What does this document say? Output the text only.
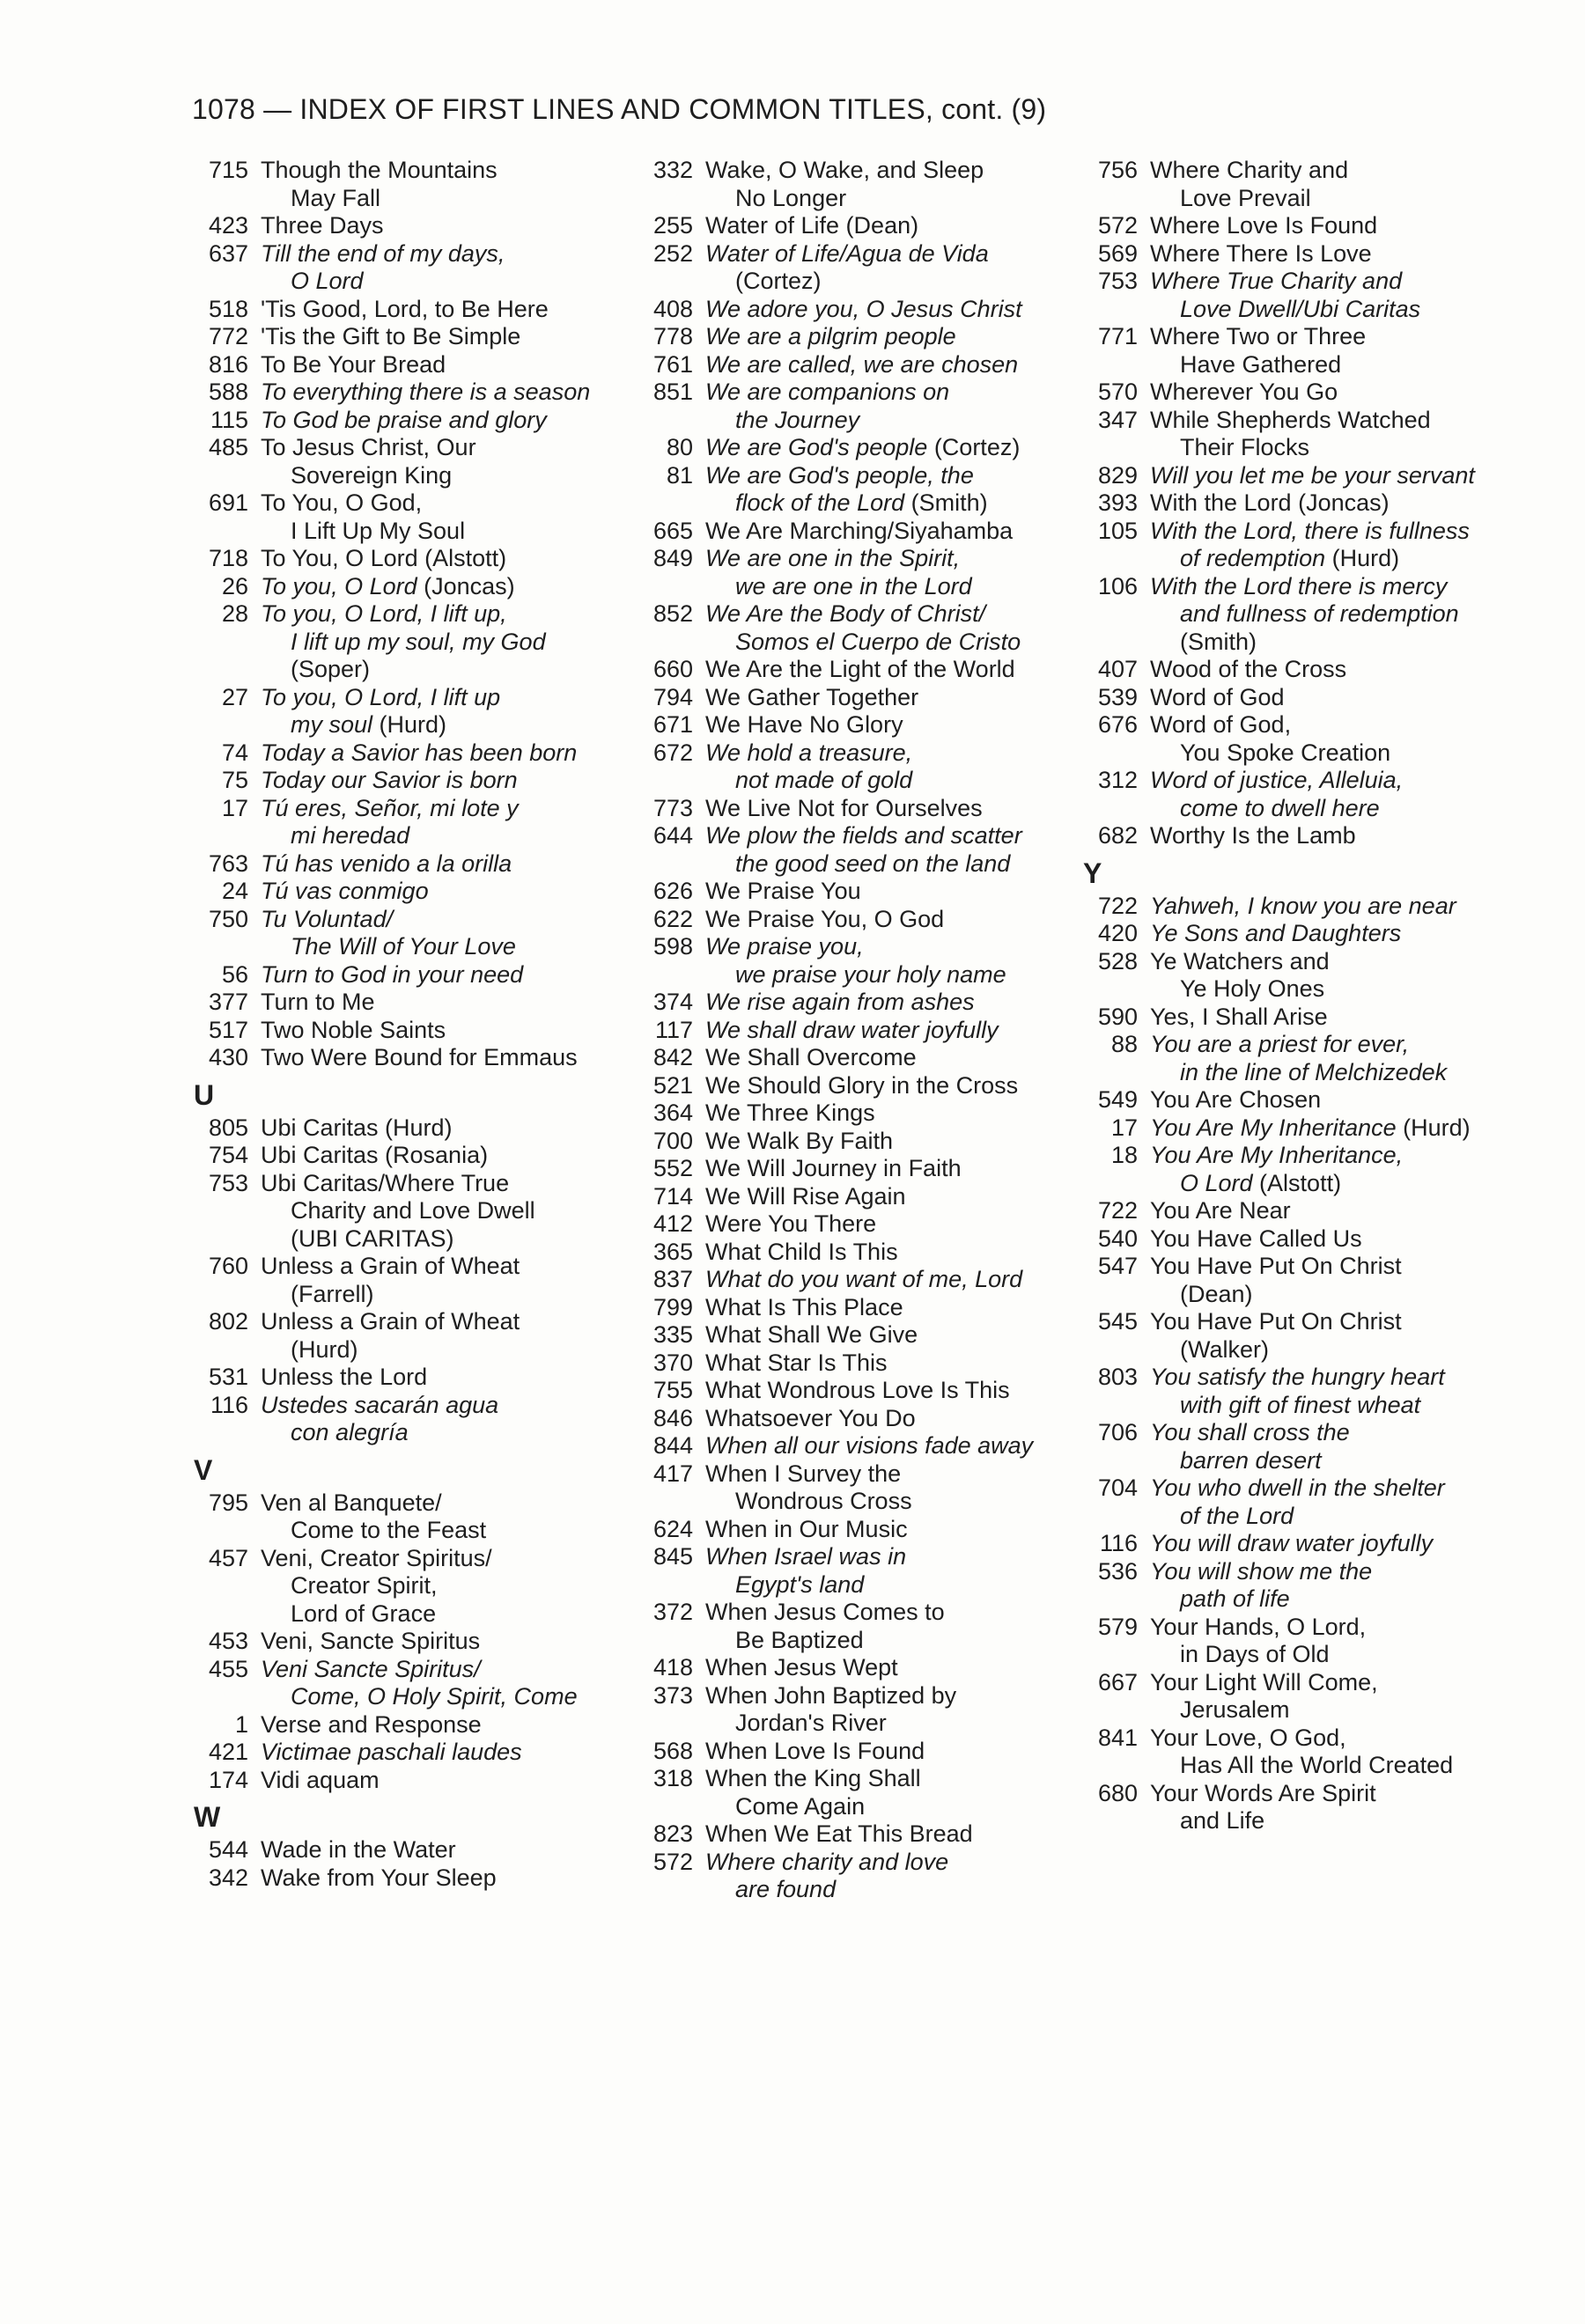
1078 — INDEX OF FIRST LINES AND COMMON TITLES, cont. (9)
715 Though the Mountains
May Fall
423 Three Days
637 Till the end of my days,
O Lord
518 'Tis Good, Lord, to Be Here
772 'Tis the Gift to Be Simple
816 To Be Your Bread
588 To everything there is a season
115 To God be praise and glory
485 To Jesus Christ, Our
Sovereign King
691 To You, O God,
I Lift Up My Soul
718 To You, O Lord (Alstott)
26 To you, O Lord (Joncas)
28 To you, O Lord, I lift up,
I lift up my soul, my God
(Soper)
27 To you, O Lord, I lift up
my soul (Hurd)
74 Today a Savior has been born
75 Today our Savior is born
17 Tú eres, Señor, mi lote y
mi heredad
763 Tú has venido a la orilla
24 Tú vas conmigo
750 Tu Voluntad/
The Will of Your Love
56 Turn to God in your need
377 Turn to Me
517 Two Noble Saints
430 Two Were Bound for Emmaus
U
805 Ubi Caritas (Hurd)
754 Ubi Caritas (Rosania)
753 Ubi Caritas/Where True
Charity and Love Dwell
(UBI CARITAS)
760 Unless a Grain of Wheat
(Farrell)
802 Unless a Grain of Wheat
(Hurd)
531 Unless the Lord
116 Ustedes sacarán agua
con alegría
V
795 Ven al Banquete/
Come to the Feast
457 Veni, Creator Spiritus/
Creator Spirit,
Lord of Grace
453 Veni, Sancte Spiritus
455 Veni Sancte Spiritus/
Come, O Holy Spirit, Come
1 Verse and Response
421 Victimae paschali laudes
174 Vidi aquam
W
544 Wade in the Water
342 Wake from Your Sleep
332 Wake, O Wake, and Sleep
No Longer
255 Water of Life (Dean)
252 Water of Life/Agua de Vida
(Cortez)
408 We adore you, O Jesus Christ
778 We are a pilgrim people
761 We are called, we are chosen
851 We are companions on
the Journey
80 We are God's people (Cortez)
81 We are God's people, the
flock of the Lord (Smith)
665 We Are Marching/Siyahamba
849 We are one in the Spirit,
we are one in the Lord
852 We Are the Body of Christ/
Somos el Cuerpo de Cristo
660 We Are the Light of the World
794 We Gather Together
671 We Have No Glory
672 We hold a treasure,
not made of gold
773 We Live Not for Ourselves
644 We plow the fields and scatter
the good seed on the land
626 We Praise You
622 We Praise You, O God
598 We praise you,
we praise your holy name
374 We rise again from ashes
117 We shall draw water joyfully
842 We Shall Overcome
521 We Should Glory in the Cross
364 We Three Kings
700 We Walk By Faith
552 We Will Journey in Faith
714 We Will Rise Again
412 Were You There
365 What Child Is This
837 What do you want of me, Lord
799 What Is This Place
335 What Shall We Give
370 What Star Is This
755 What Wondrous Love Is This
846 Whatsoever You Do
844 When all our visions fade away
417 When I Survey the
Wondrous Cross
624 When in Our Music
845 When Israel was in
Egypt's land
372 When Jesus Comes to
Be Baptized
418 When Jesus Wept
373 When John Baptized by
Jordan's River
568 When Love Is Found
318 When the King Shall
Come Again
823 When We Eat This Bread
572 Where charity and love
are found
756 Where Charity and
Love Prevail
572 Where Love Is Found
569 Where There Is Love
753 Where True Charity and
Love Dwell/Ubi Caritas
771 Where Two or Three
Have Gathered
570 Wherever You Go
347 While Shepherds Watched
Their Flocks
829 Will you let me be your servant
393 With the Lord (Joncas)
105 With the Lord, there is fullness
of redemption (Hurd)
106 With the Lord there is mercy
and fullness of redemption
(Smith)
407 Wood of the Cross
539 Word of God
676 Word of God,
You Spoke Creation
312 Word of justice, Alleluia,
come to dwell here
682 Worthy Is the Lamb
Y
722 Yahweh, I know you are near
420 Ye Sons and Daughters
528 Ye Watchers and
Ye Holy Ones
590 Yes, I Shall Arise
88 You are a priest for ever,
in the line of Melchizedek
549 You Are Chosen
17 You Are My Inheritance (Hurd)
18 You Are My Inheritance,
O Lord (Alstott)
722 You Are Near
540 You Have Called Us
547 You Have Put On Christ
(Dean)
545 You Have Put On Christ
(Walker)
803 You satisfy the hungry heart
with gift of finest wheat
706 You shall cross the
barren desert
704 You who dwell in the shelter
of the Lord
116 You will draw water joyfully
536 You will show me the
path of life
579 Your Hands, O Lord,
in Days of Old
667 Your Light Will Come,
Jerusalem
841 Your Love, O God,
Has All the World Created
680 Your Words Are Spirit
and Life
